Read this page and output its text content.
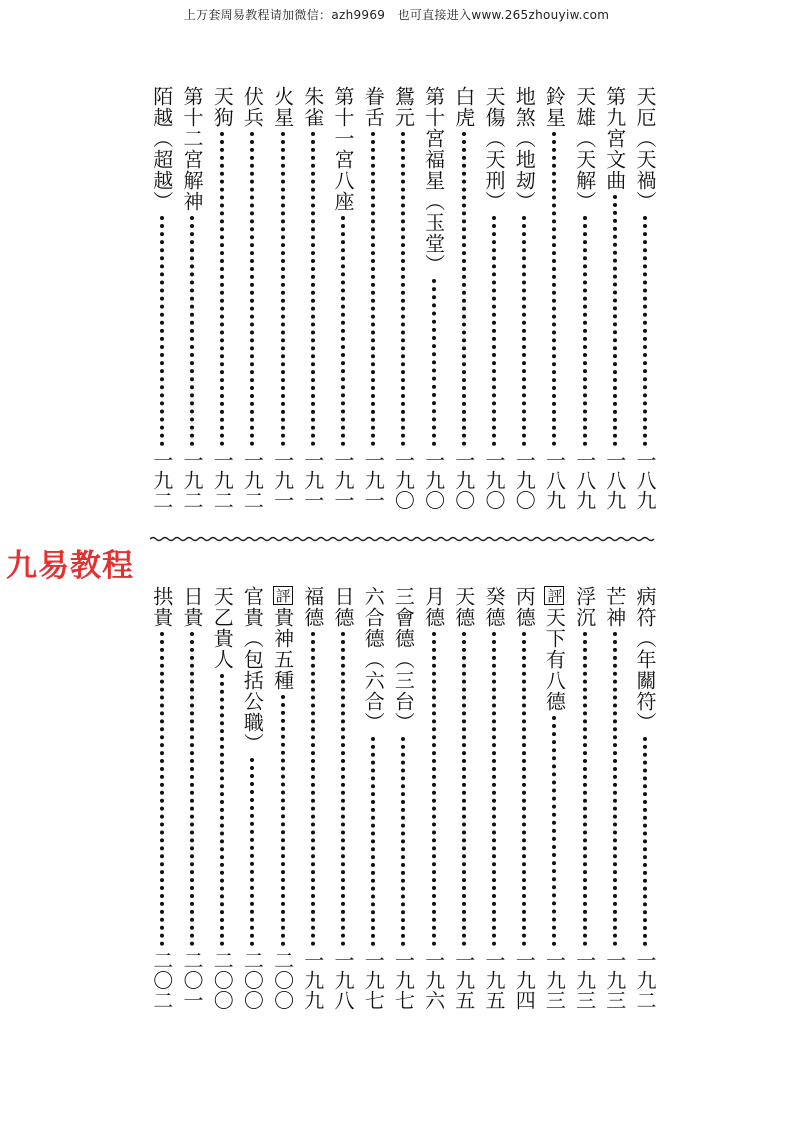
上万套周易教程请加微信：azh9969　也可直接进入www.265zhouyiw.com
天厄（天禍）
一八九
第九宮文曲
一八九
天雄（天解）
一八九
鈴星
一八九
地煞（地刼）
一九〇
天傷（天刑）
一九〇
白虎
一九〇
第十宮福星（玉堂）
一九〇
鴛元
一九〇
眷舌
一九一
第十一宮八座
一九一
朱雀
一九一
火星
一九一
伏兵
一九二
天狗
一九二
第十二宮解神
一九二
陌越（超越）
一九二
九易教程
病符（年關符）
一九二
芒神
一九三
浮沉
一九三
評
天下有八德
一九三
丙德
一九四
癸德
一九五
天德
一九五
月德
一九六
三會德（三台）
一九七
六合德（六合）
一九七
日德
一九八
福德
一九九
評
貴神五種
二〇〇
官貴（包括公職）
二〇〇
天乙貴人
二〇〇
日貴
二〇一
拱貴
二〇二
